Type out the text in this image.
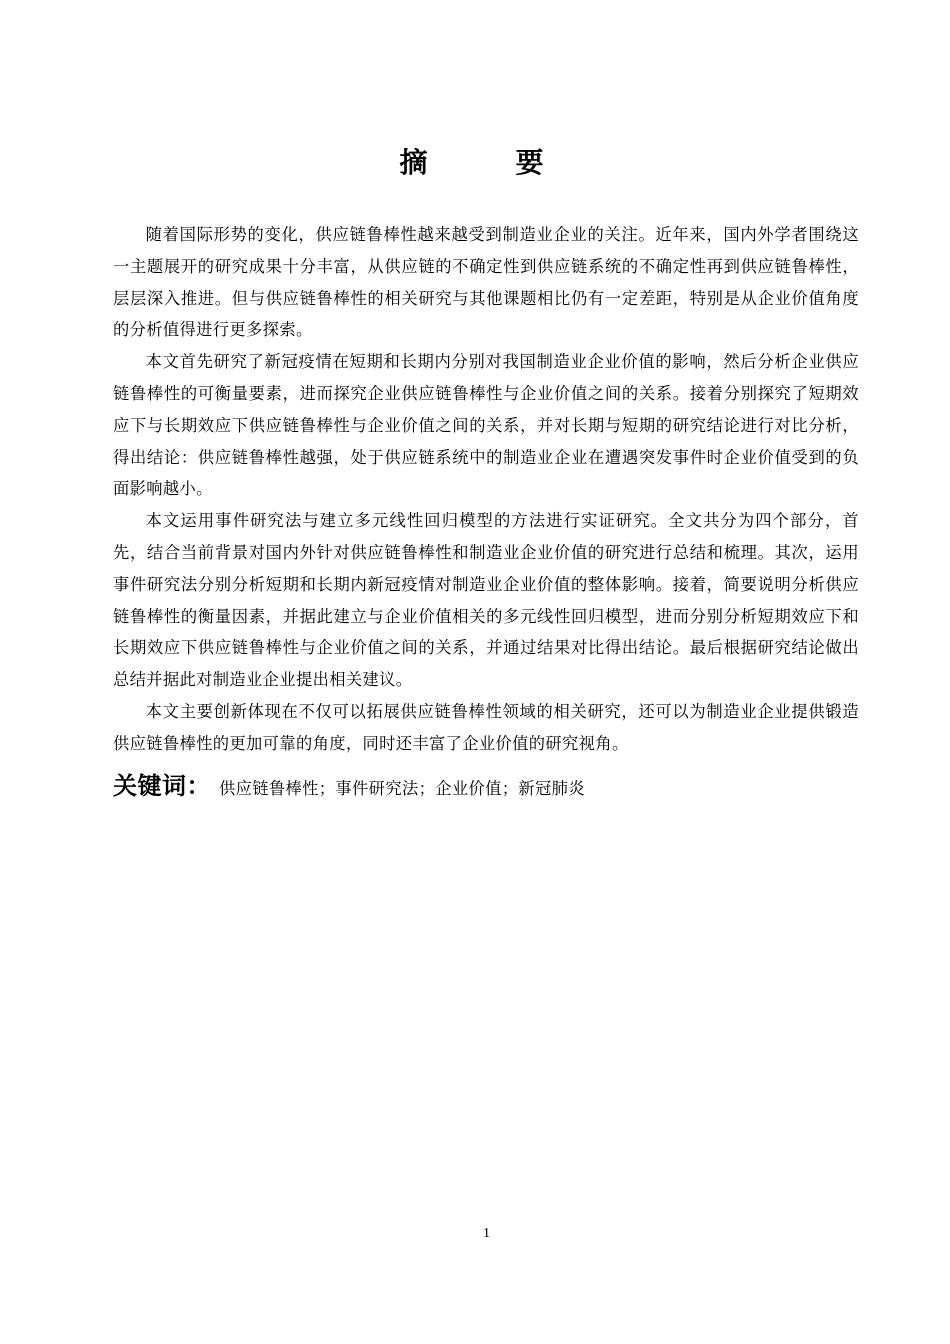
摘　要

随着国际形势的变化，供应链鲁棒性越来越受到制造业企业的关注。近年来，国内外学者围绕这一主题展开的研究成果十分丰富，从供应链的不确定性到供应链系统的不确定性再到供应链鲁棒性，层层深入推进。但与供应链鲁棒性的相关研究与其他课题相比仍有一定差距，特别是从企业价值角度的分析值得进行更多探索。

本文首先研究了新冠疫情在短期和长期内分别对我国制造业企业价值的影响，然后分析企业供应链鲁棒性的可衡量要素，进而探究企业供应链鲁棒性与企业价值之间的关系。接着分别探究了短期效应下与长期效应下供应链鲁棒性与企业价值之间的关系，并对长期与短期的研究结论进行对比分析，得出结论：供应链鲁棒性越强，处于供应链系统中的制造业企业在遭遇突发事件时企业价值受到的负面影响越小。

本文运用事件研究法与建立多元线性回归模型的方法进行实证研究。全文共分为四个部分，首先，结合当前背景对国内外针对供应链鲁棒性和制造业企业价值的研究进行总结和梳理。其次，运用事件研究法分别分析短期和长期内新冠疫情对制造业企业价值的整体影响。接着，简要说明分析供应链鲁棒性的衡量因素，并据此建立与企业价值相关的多元线性回归模型，进而分别分析短期效应下和长期效应下供应链鲁棒性与企业价值之间的关系，并通过结果对比得出结论。最后根据研究结论做出总结并据此对制造业企业提出相关建议。

本文主要创新体现在不仅可以拓展供应链鲁棒性领域的相关研究，还可以为制造业企业提供锻造供应链鲁棒性的更加可靠的角度，同时还丰富了企业价值的研究视角。

关键词： 供应链鲁棒性；事件研究法；企业价值；新冠肺炎
1
